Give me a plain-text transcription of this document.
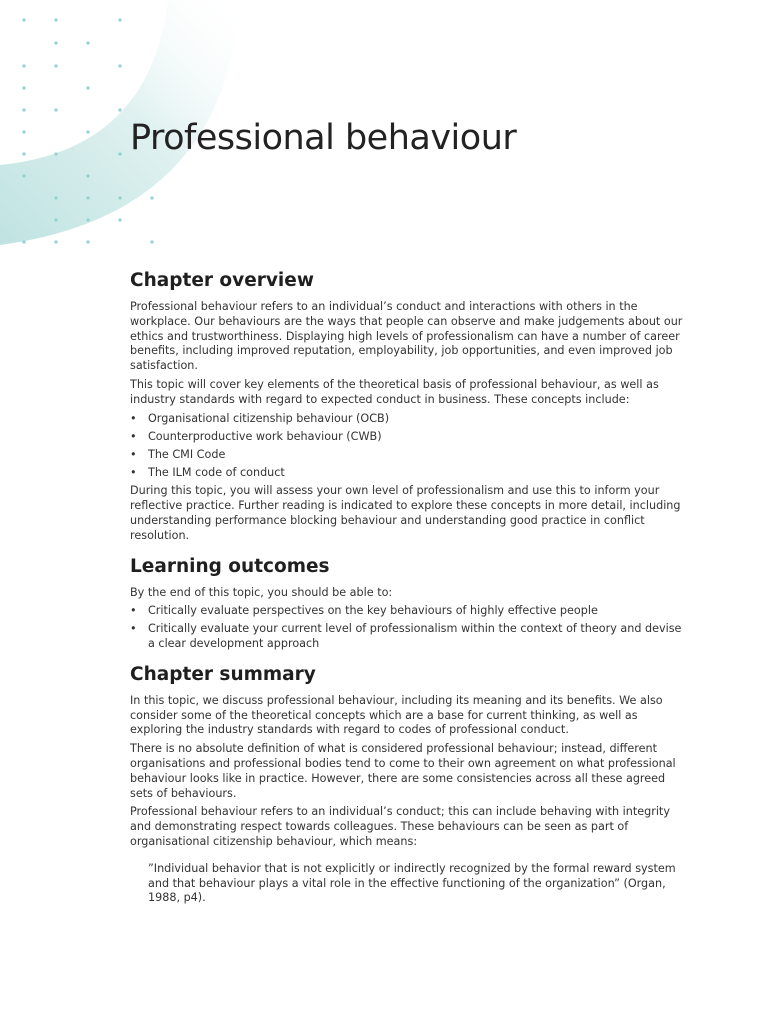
Professional behaviour
Chapter overview

Professional behaviour refers to an individual’s conduct and interactions with others in the workplace. Our behaviours are the ways that people can observe and make judgements about our ethics and trustworthiness. Displaying high levels of professionalism can have a number of career benefits, including improved reputation, employability, job opportunities, and even improved job satisfaction.

This topic will cover key elements of the theoretical basis of professional behaviour, as well as industry standards with regard to expected conduct in business. These concepts include:

• Organisational citizenship behaviour (OCB)
• Counterproductive work behaviour (CWB)
• The CMI Code
• The ILM code of conduct

During this topic, you will assess your own level of professionalism and use this to inform your reflective practice. Further reading is indicated to explore these concepts in more detail, including understanding performance blocking behaviour and understanding good practice in conflict resolution.

Learning outcomes

By the end of this topic, you should be able to:

• Critically evaluate perspectives on the key behaviours of highly effective people
• Critically evaluate your current level of professionalism within the context of theory and devise a clear development approach
Chapter summary

In this topic, we discuss professional behaviour, including its meaning and its benefits. We also consider some of the theoretical concepts which are a base for current thinking, as well as exploring the industry standards with regard to codes of professional conduct.

There is no absolute definition of what is considered professional behaviour; instead, different organisations and professional bodies tend to come to their own agreement on what professional behaviour looks like in practice. However, there are some consistencies across all these agreed sets of behaviours.

Professional behaviour refers to an individual’s conduct; this can include behaving with integrity and demonstrating respect towards colleagues. These behaviours can be seen as part of organisational citizenship behaviour, which means:

”Individual behavior that is not explicitly or indirectly recognized by the formal reward system and that behaviour plays a vital role in the effective functioning of the organization” (Organ, 1988, p4).
